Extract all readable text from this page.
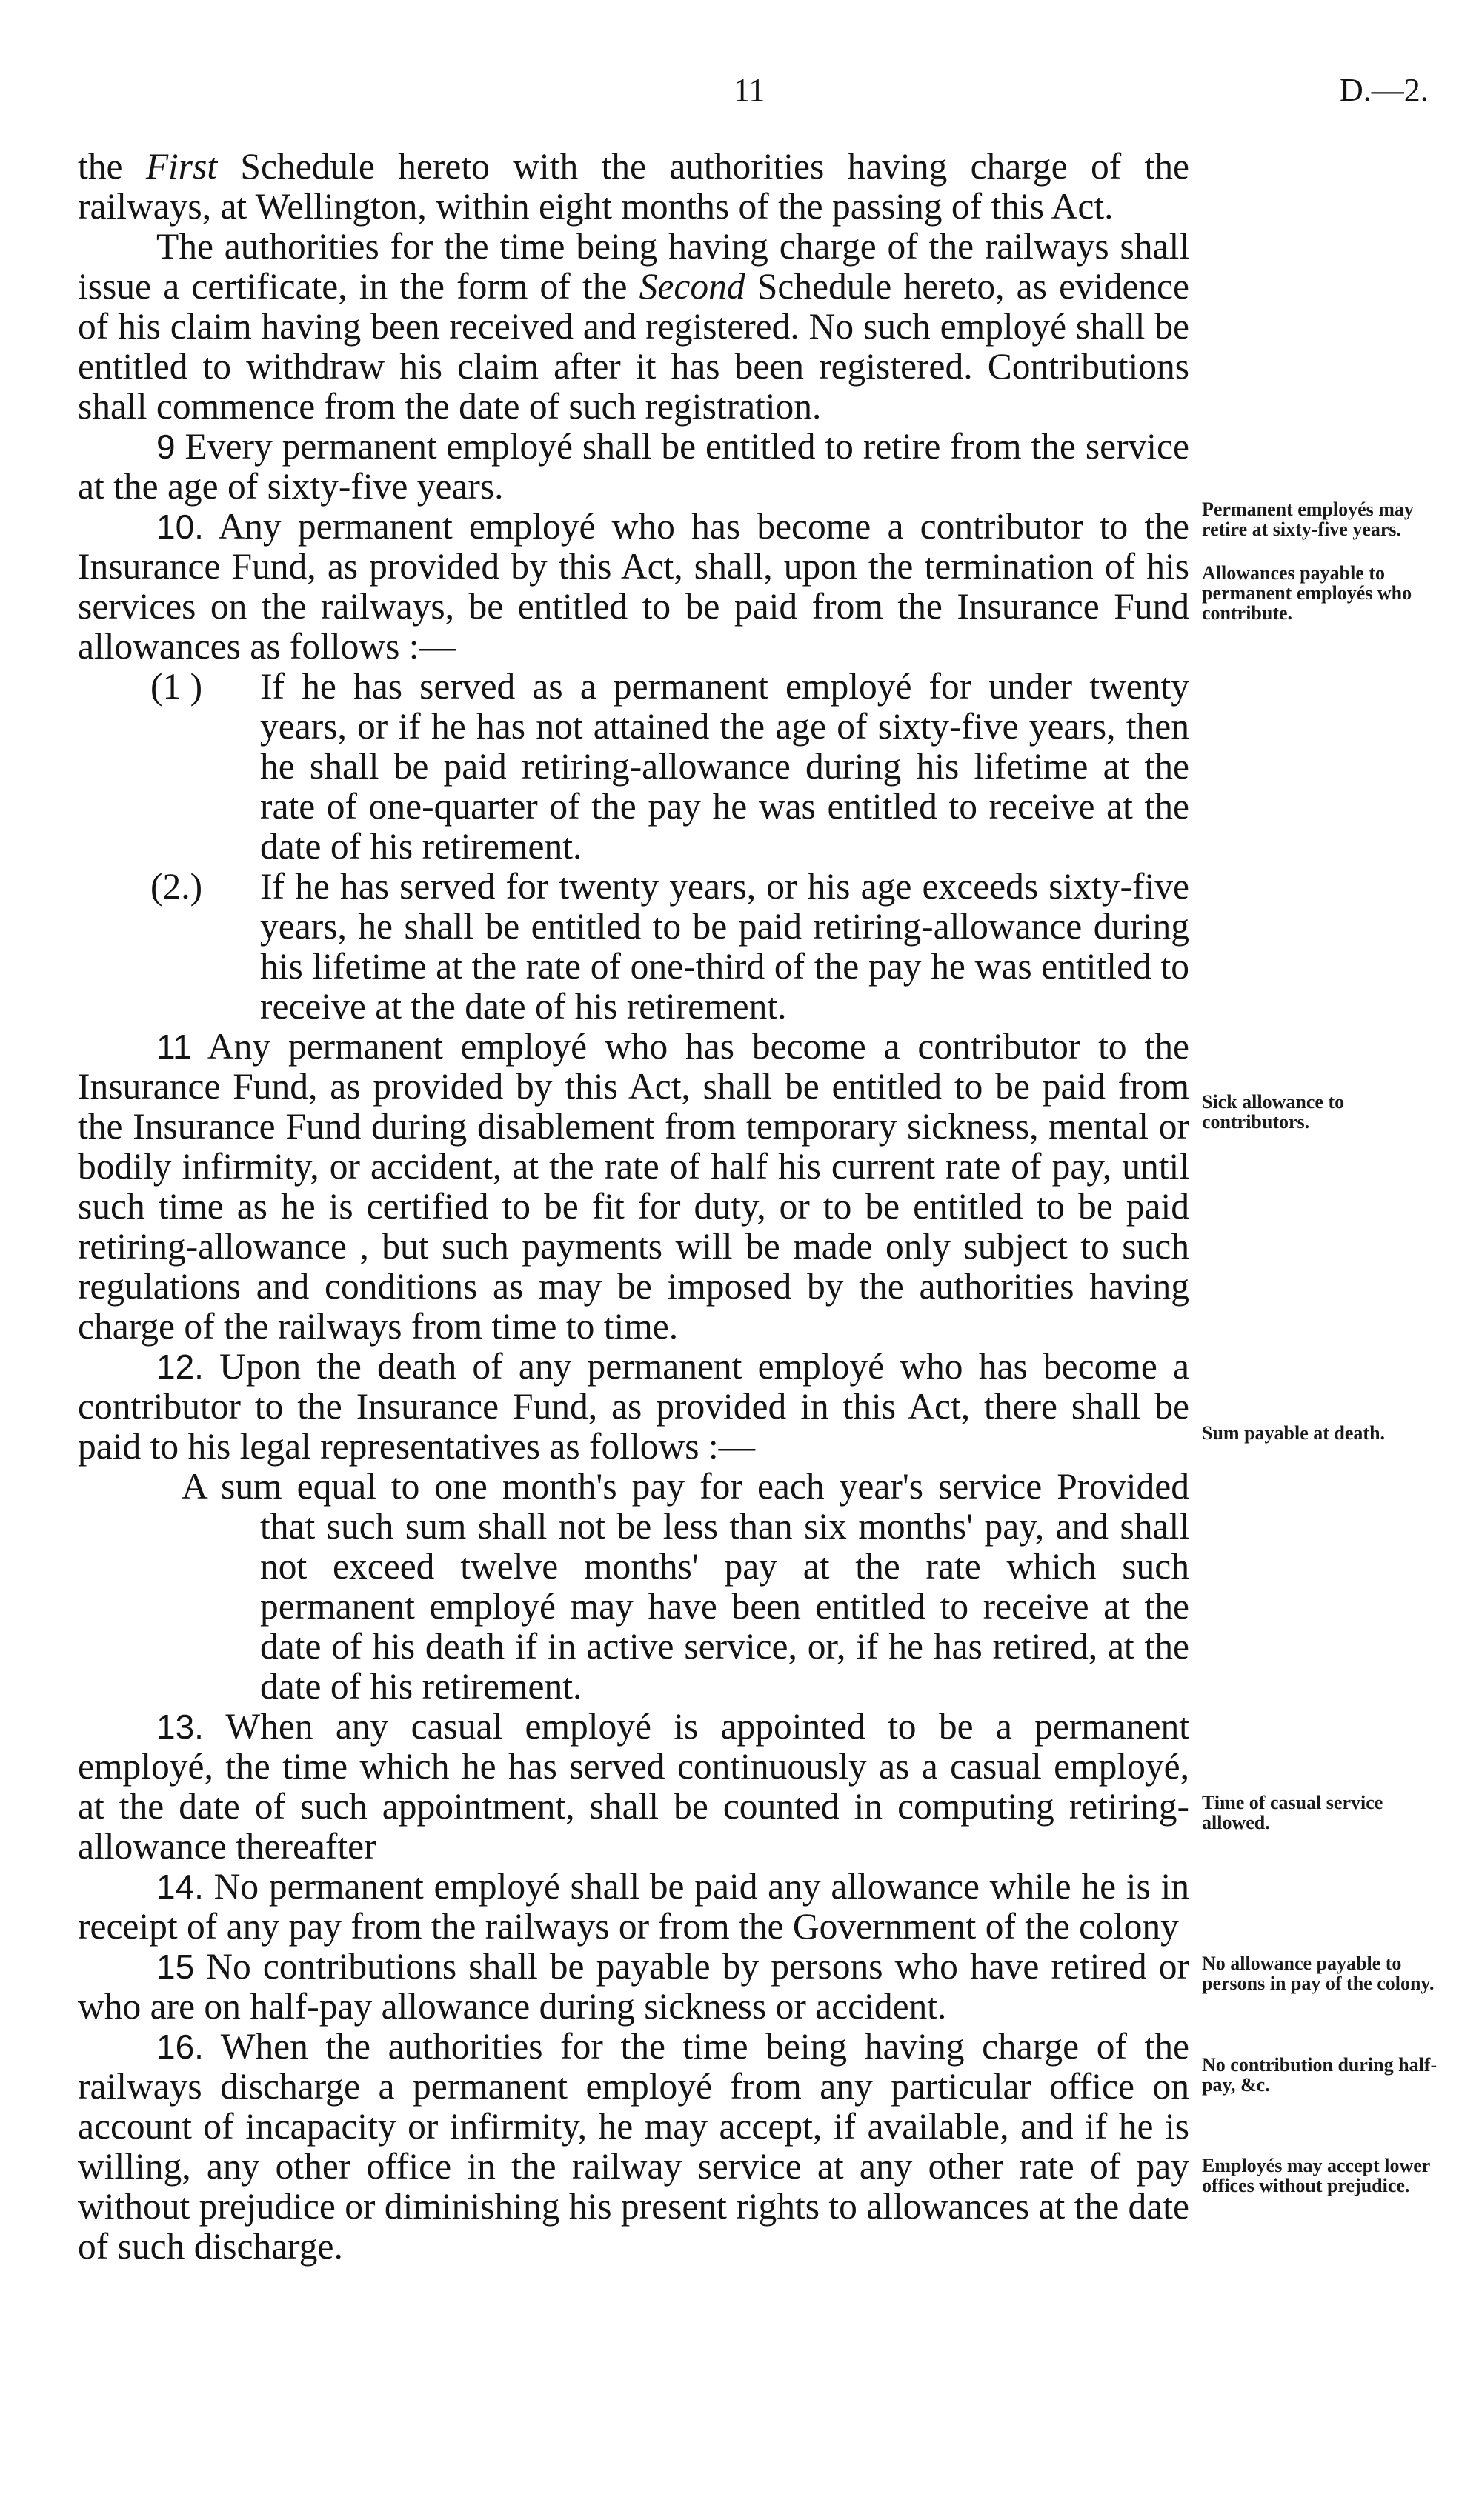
11	D.—2.

the First Schedule hereto with the authorities having charge of the railways, at Wellington, within eight months of the passing of this Act.

The authorities for the time being having charge of the railways shall issue a certificate, in the form of the Second Schedule hereto, as evidence of his claim having been received and registered. No such employé shall be entitled to withdraw his claim after it has been registered. Contributions shall commence from the date of such registration.

9 Every permanent employé shall be entitled to retire from the service at the age of sixty-five years.

10. Any permanent employé who has become a contributor to the Insurance Fund, as provided by this Act, shall, upon the termination of his services on the railways, be entitled to be paid from the Insurance Fund allowances as follows :—

(1 ) If he has served as a permanent employé for under twenty years, or if he has not attained the age of sixty-five years, then he shall be paid retiring-allowance during his lifetime at the rate of one-quarter of the pay he was entitled to receive at the date of his retirement.

(2.) If he has served for twenty years, or his age exceeds sixty-five years, he shall be entitled to be paid retiring-allowance during his lifetime at the rate of one-third of the pay he was entitled to receive at the date of his retirement.

11 Any permanent employé who has become a contributor to the Insurance Fund, as provided by this Act, shall be entitled to be paid from the Insurance Fund during disablement from temporary sickness, mental or bodily infirmity, or accident, at the rate of half his current rate of pay, until such time as he is certified to be fit for duty, or to be entitled to be paid retiring-allowance , but such payments will be made only subject to such regulations and conditions as may be imposed by the authorities having charge of the railways from time to time.

12. Upon the death of any permanent employé who has become a contributor to the Insurance Fund, as provided in this Act, there shall be paid to his legal representatives as follows :—

A sum equal to one month's pay for each year's service Provided that such sum shall not be less than six months' pay, and shall not exceed twelve months' pay at the rate which such permanent employé may have been entitled to receive at the date of his death if in active service, or, if he has retired, at the date of his retirement.

13. When any casual employé is appointed to be a permanent employé, the time which he has served continuously as a casual employé, at the date of such appointment, shall be counted in computing retiring-allowance thereafter

14. No permanent employé shall be paid any allowance while he is in receipt of any pay from the railways or from the Government of the colony

15 No contributions shall be payable by persons who have retired or who are on half-pay allowance during sickness or accident.

16. When the authorities for the time being having charge of the railways discharge a permanent employé from any particular office on account of incapacity or infirmity, he may accept, if available, and if he is willing, any other office in the railway service at any other rate of pay without prejudice or diminishing his present rights to allowances at the date of such discharge.

Permanent employés may retire at sixty-five years.
Allowances payable to permanent employés who contribute.
Sick allowance to contributors.
Sum payable at death.
Time of casual service allowed.
No allowance payable to persons in pay of the colony.
No contribution during half-pay, &c.
Employés may accept lower offices without prejudice.
